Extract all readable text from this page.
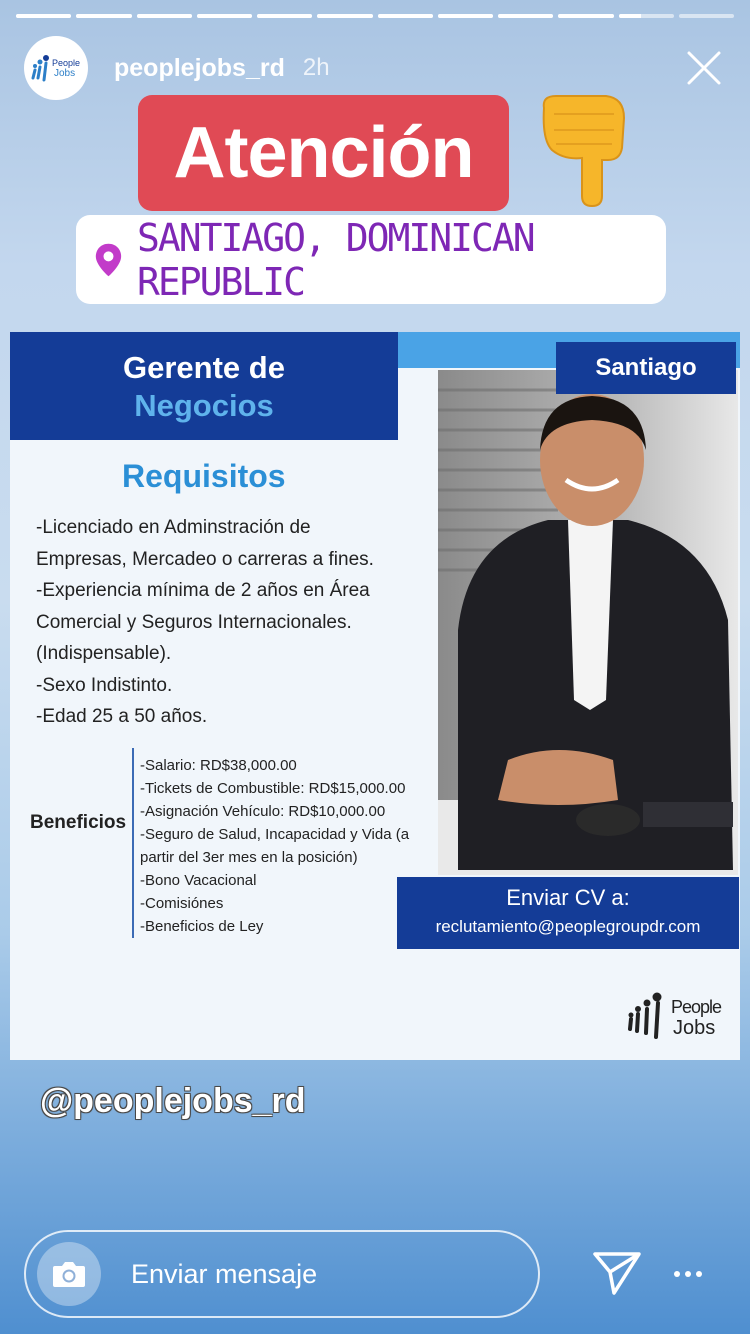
People
Jobs peoplejobs_rd 2h
Atención
SANTIAGO, DOMINICAN REPUBLIC
Gerente de
Negocios
Santiago
Requisitos
-Licenciado en Adminstración de
Empresas, Mercadeo o carreras a fines.
-Experiencia mínima de 2 años en Área
Comercial y Seguros Internacionales.
(Indispensable).
-Sexo Indistinto.
-Edad 25 a 50 años.
Beneficios
-Salario: RD$38,000.00
-Tickets de Combustible: RD$15,000.00
-Asignación Vehículo: RD$10,000.00
-Seguro de Salud, Incapacidad y Vida (a
partir del 3er mes en la posición)
-Bono Vacacional
-Comisiónes
-Beneficios de Ley
Enviar CV a:
reclutamiento@peoplegroupdr.com
People
Jobs
@peoplejobs_rd
Enviar mensaje
